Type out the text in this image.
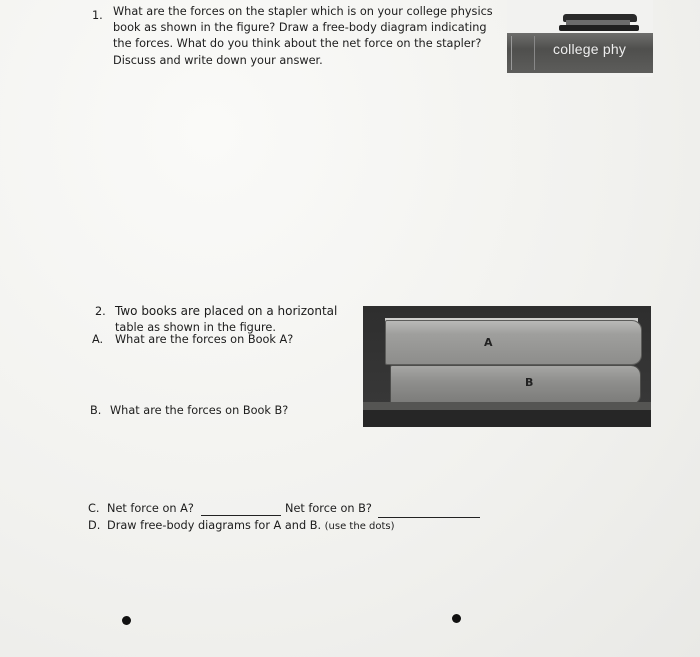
1. What are the forces on the stapler which is on your college physics book as shown in the figure? Draw a free-body diagram indicating the forces. What do you think about the net force on the stapler? Discuss and write down your answer.
college phy
2. Two books are placed on a horizontal
table as shown in the figure.
A. What are the forces on Book A?	A
B
B. What are the forces on Book B?
C. Net force on A?	Net force on B?
D. Draw free-body diagrams for A and B. (use the dots)
